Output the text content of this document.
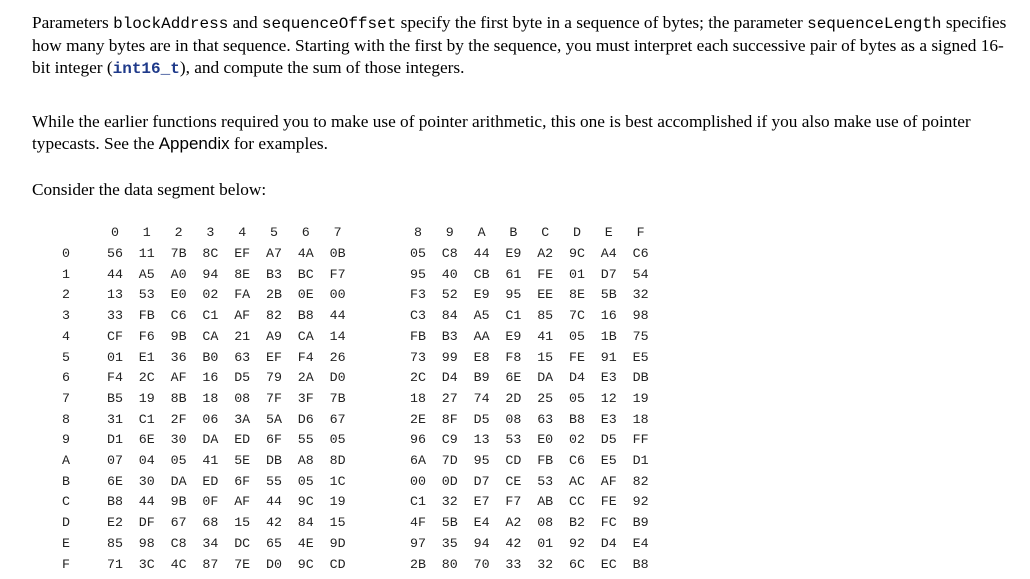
Parameters blockAddress and sequenceOffset specify the first byte in a sequence of bytes; the parameter sequenceLength specifies how many bytes are in that sequence. Starting with the first by the sequence, you must interpret each successive pair of bytes as a signed 16-bit integer (int16_t), and compute the sum of those integers.

While the earlier functions required you to make use of pointer arithmetic, this one is best accomplished if you also make use of pointer typecasts. See the Appendix for examples.

Consider the data segment below:

0	1	2	3	4	5	6	7	8	9	A	B	C	D	E	F
0	56 11 7B 8C EF A7 4A 0B	05 C8 44 E9 A2 9C A4 C6
1	44 A5 A0 94 8E B3 BC F7	95 40 CB 61 FE 01 D7 54
2	13 53 E0 02 FA 2B 0E 00	F3 52 E9 95 EE 8E 5B 32
3	33 FB C6 C1 AF 82 B8 44	C3 84 A5 C1 85 7C 16 98
4	CF F6 9B CA 21 A9 CA 14	FB B3 AA E9 41 05 1B 75
5	01 E1 36 B0 63 EF F4 26	73 99 E8 F8 15 FE 91 E5
6	F4 2C AF 16 D5 79 2A D0	2C D4 B9 6E DA D4 E3 DB
7	B5 19 8B 18 08 7F 3F 7B	18 27 74 2D 25 05 12 19
8	31 C1 2F 06 3A 5A D6 67	2E 8F D5 08 63 B8 E3 18
9	D1 6E 30 DA ED 6F 55 05	96 C9 13 53 E0 02 D5 FF
A	07 04 05 41 5E DB A8 8D	6A 7D 95 CD FB C6 E5 D1
B	6E 30 DA ED 6F 55 05 1C	00 0D D7 CE 53 AC AF 82
C	B8 44 9B 0F AF 44 9C 19	C1 32 E7 F7 AB CC FE 92
D	E2 DF 67 68 15 42 84 15	4F 5B E4 A2 08 B2 FC B9
E	85 98 C8 34 DC 65 4E 9D	97 35 94 42 01 92 D4 E4
F	71 3C 4C 87 7E D0 9C CD	2B 80 70 33 32 6C EC B8
